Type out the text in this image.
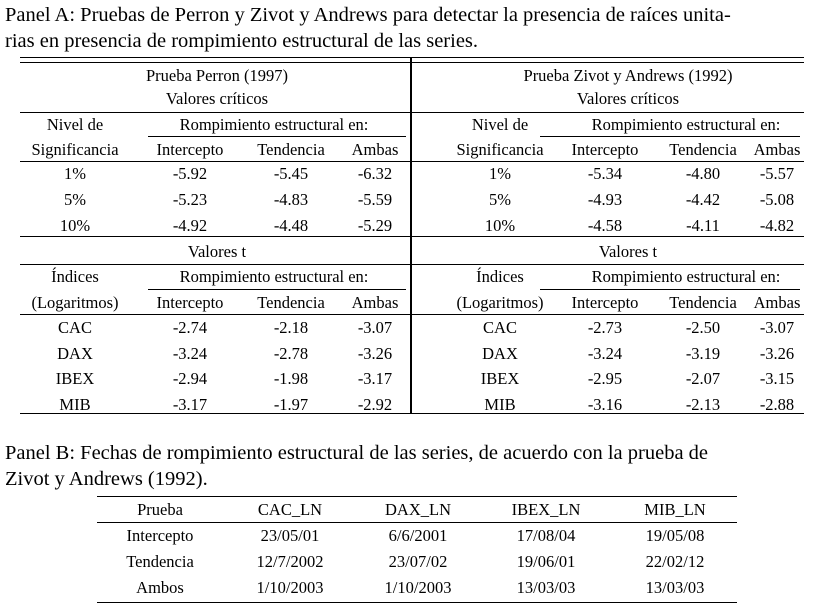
Panel A: Pruebas de Perron y Zivot y Andrews para detectar la presencia de raíces unita-
rias en presencia de rompimiento estructural de las series.
Prueba Perron (1997)
Valores críticos
Nivel de
Significancia
Rompimiento estructural en:
Intercepto	Tendencia	Ambas
1%	-5.92	-5.45	-6.32
5%	-5.23	-4.83	-5.59
10%	-4.92	-4.48	-5.29
Valores t
Índices
(Logaritmos)
Rompimiento estructural en:
Intercepto	Tendencia	Ambas
CAC	-2.74	-2.18	-3.07
DAX	-3.24	-2.78	-3.26
IBEX	-2.94	-1.98	-3.17
MIB	-3.17	-1.97	-2.92
Prueba Zivot y Andrews (1992)
Valores críticos
Nivel de
Significancia
Rompimiento estructural en:
Intercepto	Tendencia	Ambas
1%	-5.34	-4.80	-5.57
5%	-4.93	-4.42	-5.08
10%	-4.58	-4.11	-4.82
Valores t
Índices
(Logaritmos)
Rompimiento estructural en:
Intercepto	Tendencia	Ambas
CAC	-2.73	-2.50	-3.07
DAX	-3.24	-3.19	-3.26
IBEX	-2.95	-2.07	-3.15
MIB	-3.16	-2.13	-2.88
Panel B: Fechas de rompimiento estructural de las series, de acuerdo con la prueba de
Zivot y Andrews (1992).
Prueba	CAC_LN	DAX_LN	IBEX_LN	MIB_LN
Intercepto	23/05/01	6/6/2001	17/08/04	19/05/08
Tendencia	12/7/2002	23/07/02	19/06/01	22/02/12
Ambos	1/10/2003	1/10/2003	13/03/03	13/03/03
